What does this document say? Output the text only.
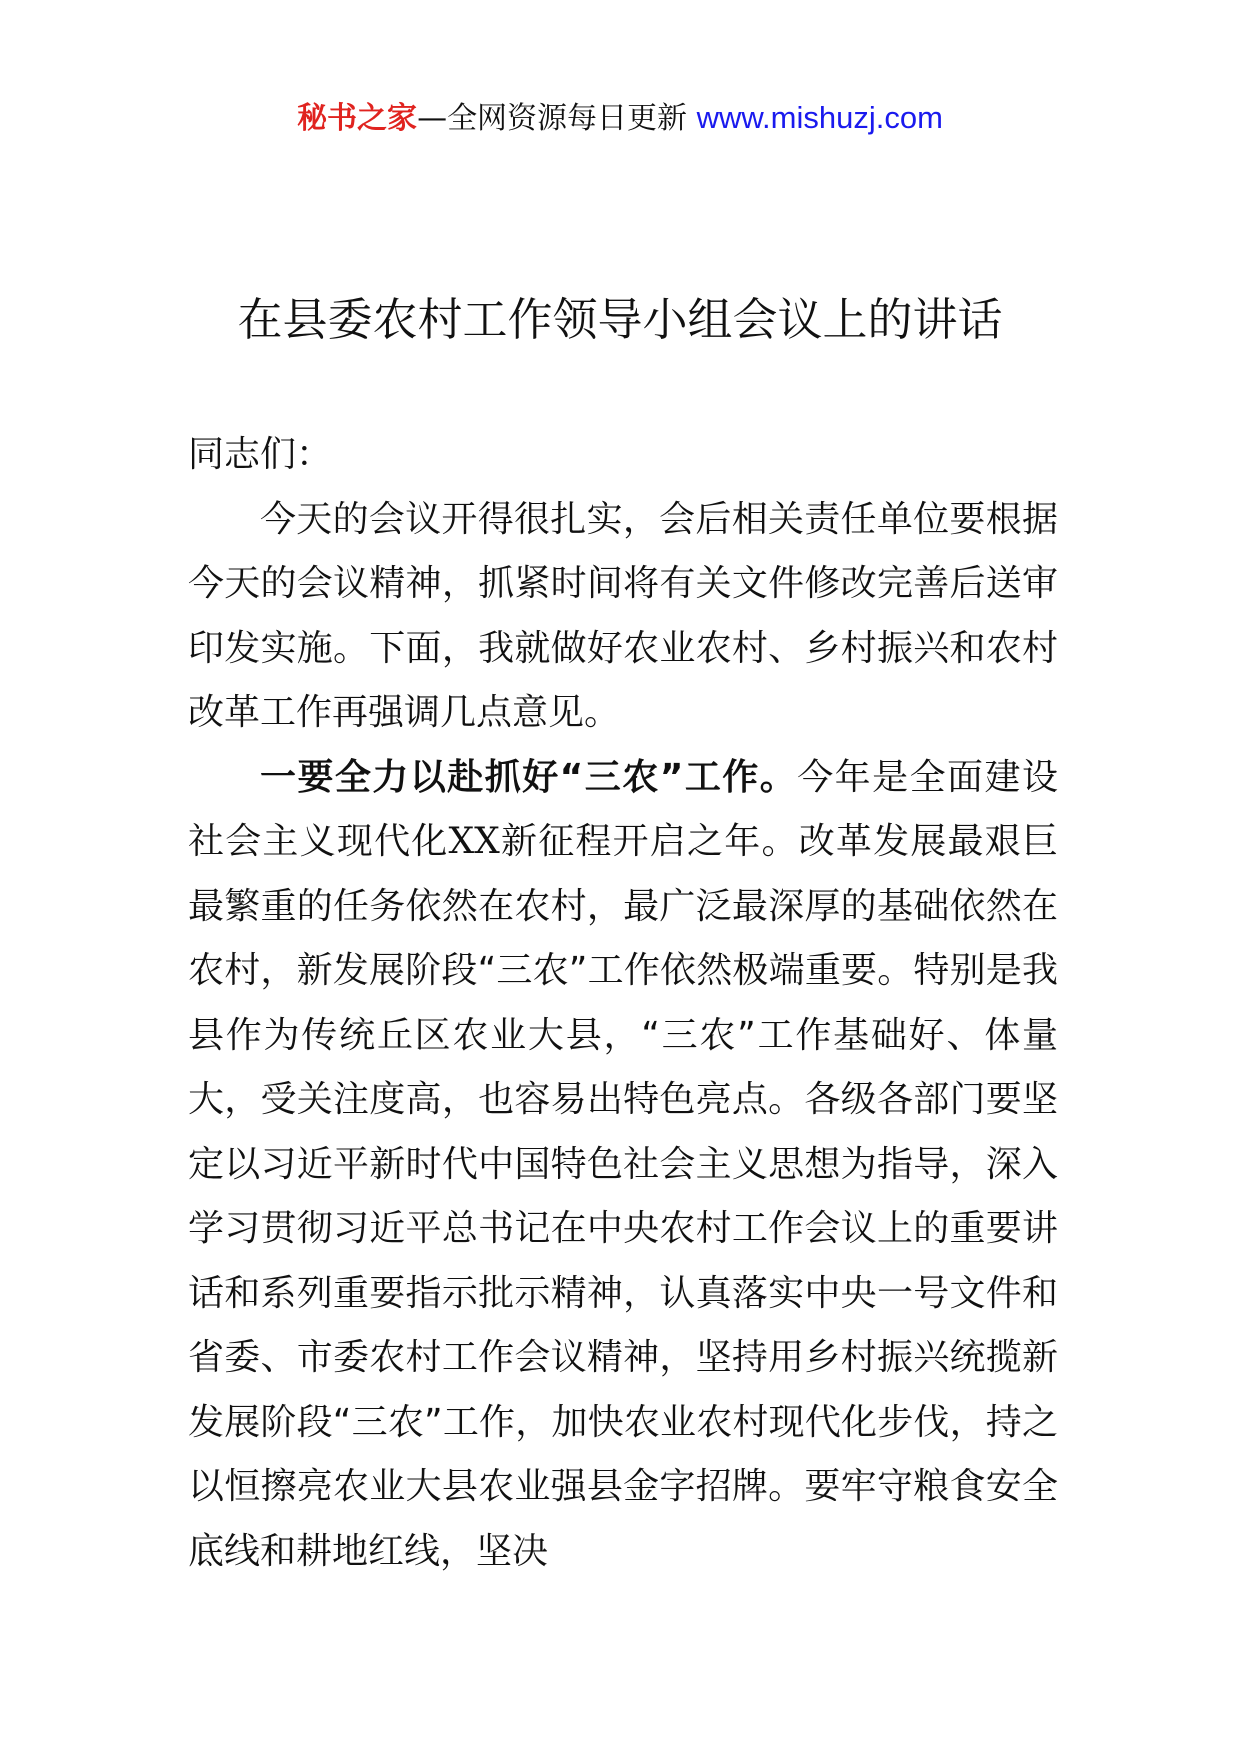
秘书之家—全网资源每日更新 www.mishuzj.com
在县委农村工作领导小组会议上的讲话

同志们：

今天的会议开得很扎实，会后相关责任单位要根据今天的会议精神，抓紧时间将有关文件修改完善后送审印发实施。下面，我就做好农业农村、乡村振兴和农村改革工作再强调几点意见。

一要全力以赴抓好“三农”工作。今年是全面建设社会主义现代化XX新征程开启之年。改革发展最艰巨最繁重的任务依然在农村，最广泛最深厚的基础依然在农村，新发展阶段“三农”工作依然极端重要。特别是我县作为传统丘区农业大县，“三农”工作基础好、体量大，受关注度高，也容易出特色亮点。各级各部门要坚定以习近平新时代中国特色社会主义思想为指导，深入学习贯彻习近平总书记在中央农村工作会议上的重要讲话和系列重要指示批示精神，认真落实中央一号文件和省委、市委农村工作会议精神，坚持用乡村振兴统揽新发展阶段“三农”工作，加快农业农村现代化步伐，持之以恒擦亮农业大县农业强县金字招牌。要牢守粮食安全底线和耕地红线，坚决
